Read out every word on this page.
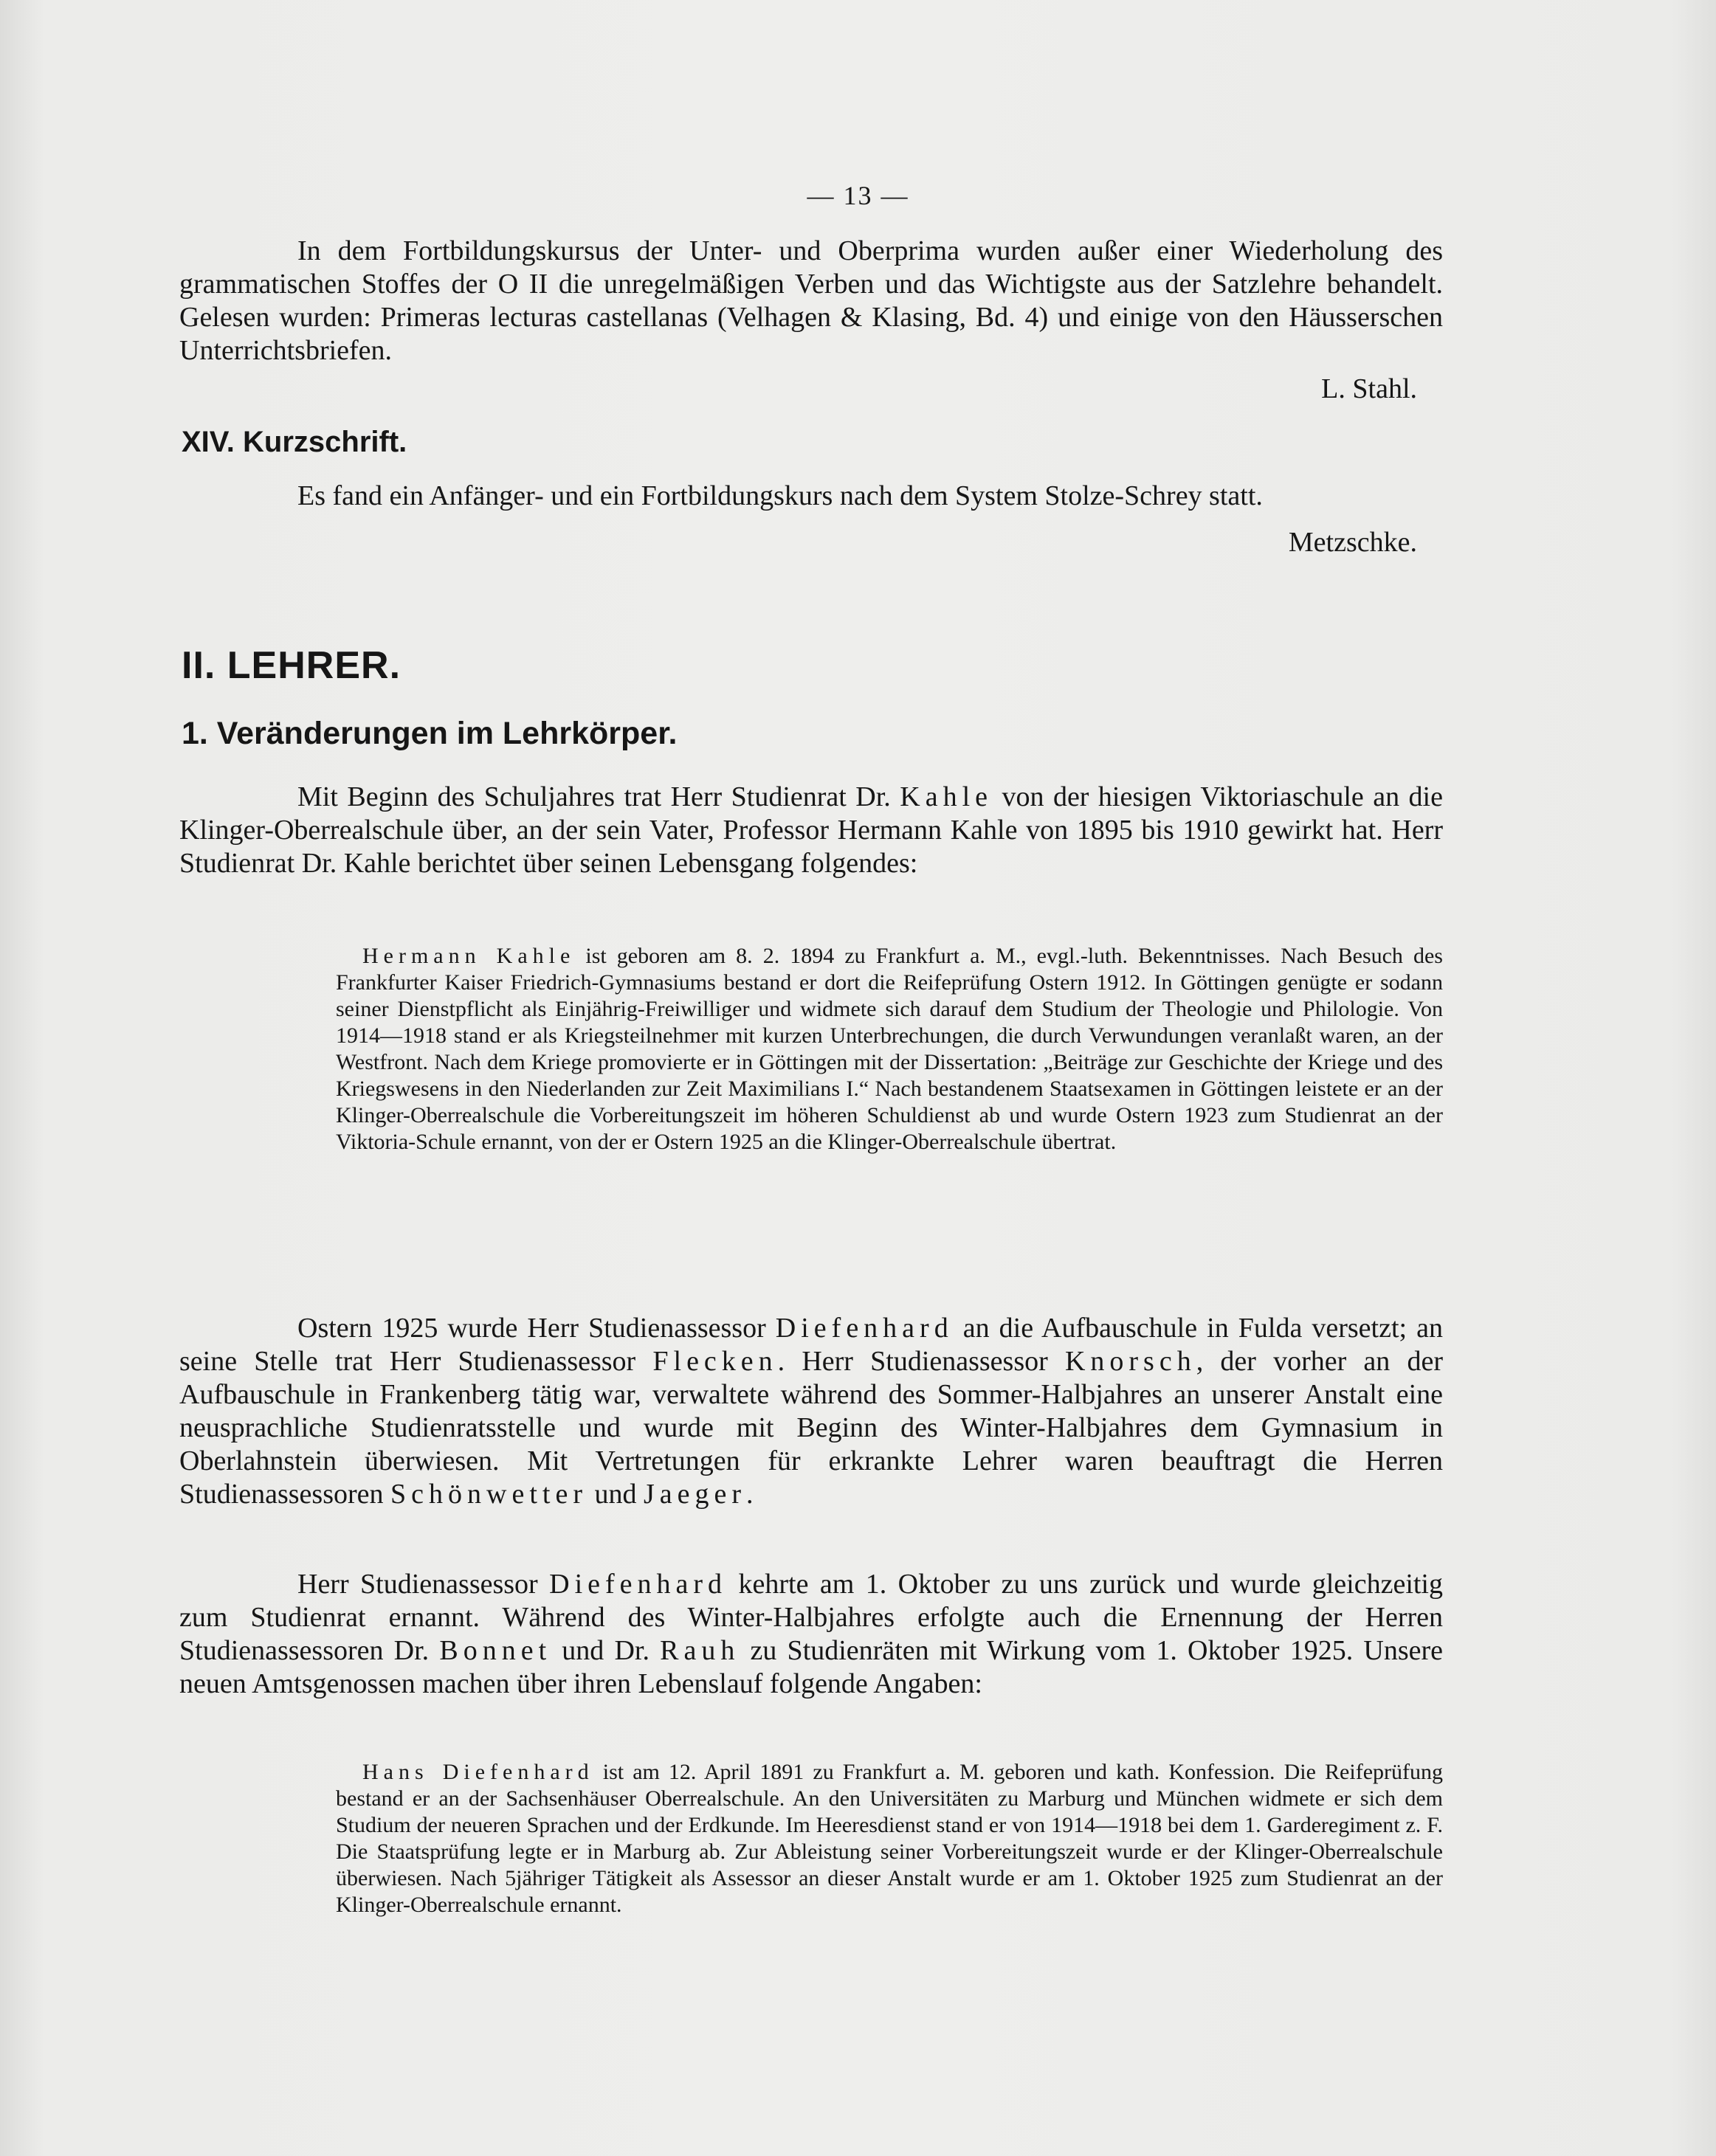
— 13 —
In dem Fortbildungskursus der Unter- und Oberprima wurden außer einer Wiederholung des grammatischen Stoffes der O II die unregelmäßigen Verben und das Wichtigste aus der Satzlehre behandelt. Gelesen wurden: Primeras lecturas castellanas (Velhagen & Klasing, Bd. 4) und einige von den Häusserschen Unterrichtsbriefen.
L. Stahl.
XIV. Kurzschrift.
Es fand ein Anfänger- und ein Fortbildungskurs nach dem System Stolze-Schrey statt.
Metzschke.
II. LEHRER.
1. Veränderungen im Lehrkörper.
Mit Beginn des Schuljahres trat Herr Studienrat Dr. Kahle von der hiesigen Viktoriaschule an die Klinger-Oberrealschule über, an der sein Vater, Professor Hermann Kahle von 1895 bis 1910 gewirkt hat. Herr Studienrat Dr. Kahle berichtet über seinen Lebensgang folgendes:
Hermann Kahle ist geboren am 8. 2. 1894 zu Frankfurt a. M., evgl.-luth. Bekenntnisses. Nach Besuch des Frankfurter Kaiser Friedrich-Gymnasiums bestand er dort die Reifeprüfung Ostern 1912. In Göttingen genügte er sodann seiner Dienstpflicht als Einjährig-Freiwilliger und widmete sich darauf dem Studium der Theologie und Philologie. Von 1914—1918 stand er als Kriegsteilnehmer mit kurzen Unterbrechungen, die durch Verwundungen veranlaßt waren, an der Westfront. Nach dem Kriege promovierte er in Göttingen mit der Dissertation: „Beiträge zur Geschichte der Kriege und des Kriegswesens in den Niederlanden zur Zeit Maximilians I.“ Nach bestandenem Staatsexamen in Göttingen leistete er an der Klinger-Oberrealschule die Vorbereitungszeit im höheren Schuldienst ab und wurde Ostern 1923 zum Studienrat an der Viktoria-Schule ernannt, von der er Ostern 1925 an die Klinger-Oberrealschule übertrat.
Ostern 1925 wurde Herr Studienassessor Diefenhard an die Aufbauschule in Fulda versetzt; an seine Stelle trat Herr Studienassessor Flecken. Herr Studienassessor Knorsch, der vorher an der Aufbauschule in Frankenberg tätig war, verwaltete während des Sommer-Halbjahres an unserer Anstalt eine neusprachliche Studienratsstelle und wurde mit Beginn des Winter-Halbjahres dem Gymnasium in Oberlahnstein überwiesen. Mit Vertretungen für erkrankte Lehrer waren beauftragt die Herren Studienassessoren Schönwetter und Jaeger.
Herr Studienassessor Diefenhard kehrte am 1. Oktober zu uns zurück und wurde gleichzeitig zum Studienrat ernannt. Während des Winter-Halbjahres erfolgte auch die Ernennung der Herren Studienassessoren Dr. Bonnet und Dr. Rauh zu Studienräten mit Wirkung vom 1. Oktober 1925. Unsere neuen Amtsgenossen machen über ihren Lebenslauf folgende Angaben:
Hans Diefenhard ist am 12. April 1891 zu Frankfurt a. M. geboren und kath. Konfession. Die Reifeprüfung bestand er an der Sachsenhäuser Oberrealschule. An den Universitäten zu Marburg und München widmete er sich dem Studium der neueren Sprachen und der Erdkunde. Im Heeresdienst stand er von 1914—1918 bei dem 1. Garderegiment z. F. Die Staatsprüfung legte er in Marburg ab. Zur Ableistung seiner Vorbereitungszeit wurde er der Klinger-Oberrealschule überwiesen. Nach 5jähriger Tätigkeit als Assessor an dieser Anstalt wurde er am 1. Oktober 1925 zum Studienrat an der Klinger-Oberrealschule ernannt.
